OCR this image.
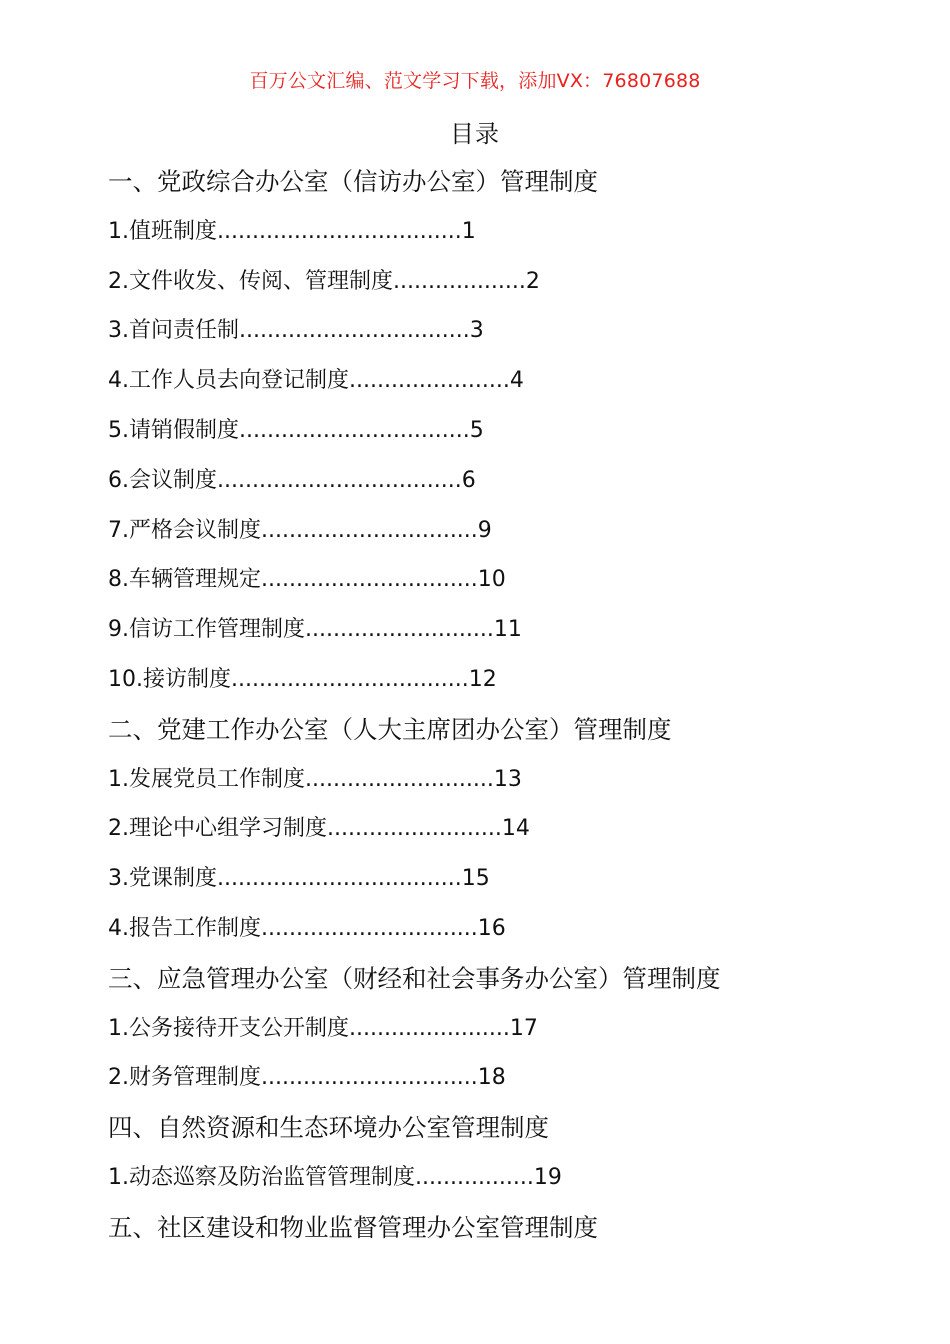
百万公文汇编、范文学习下载，添加VX：76807688
目录
一、党政综合办公室（信访办公室）管理制度
1.值班制度...................................1
2.文件收发、传阅、管理制度...................2
3.首问责任制.................................3
4.工作人员去向登记制度.......................4
5.请销假制度.................................5
6.会议制度...................................6
7.严格会议制度...............................9
8.车辆管理规定...............................10
9.信访工作管理制度...........................11
10.接访制度..................................12
二、党建工作办公室（人大主席团办公室）管理制度
1.发展党员工作制度...........................13
2.理论中心组学习制度.........................14
3.党课制度...................................15
4.报告工作制度...............................16
三、应急管理办公室（财经和社会事务办公室）管理制度
1.公务接待开支公开制度.......................17
2.财务管理制度...............................18
四、自然资源和生态环境办公室管理制度
1.动态巡察及防治监管管理制度.................19
五、社区建设和物业监督管理办公室管理制度
